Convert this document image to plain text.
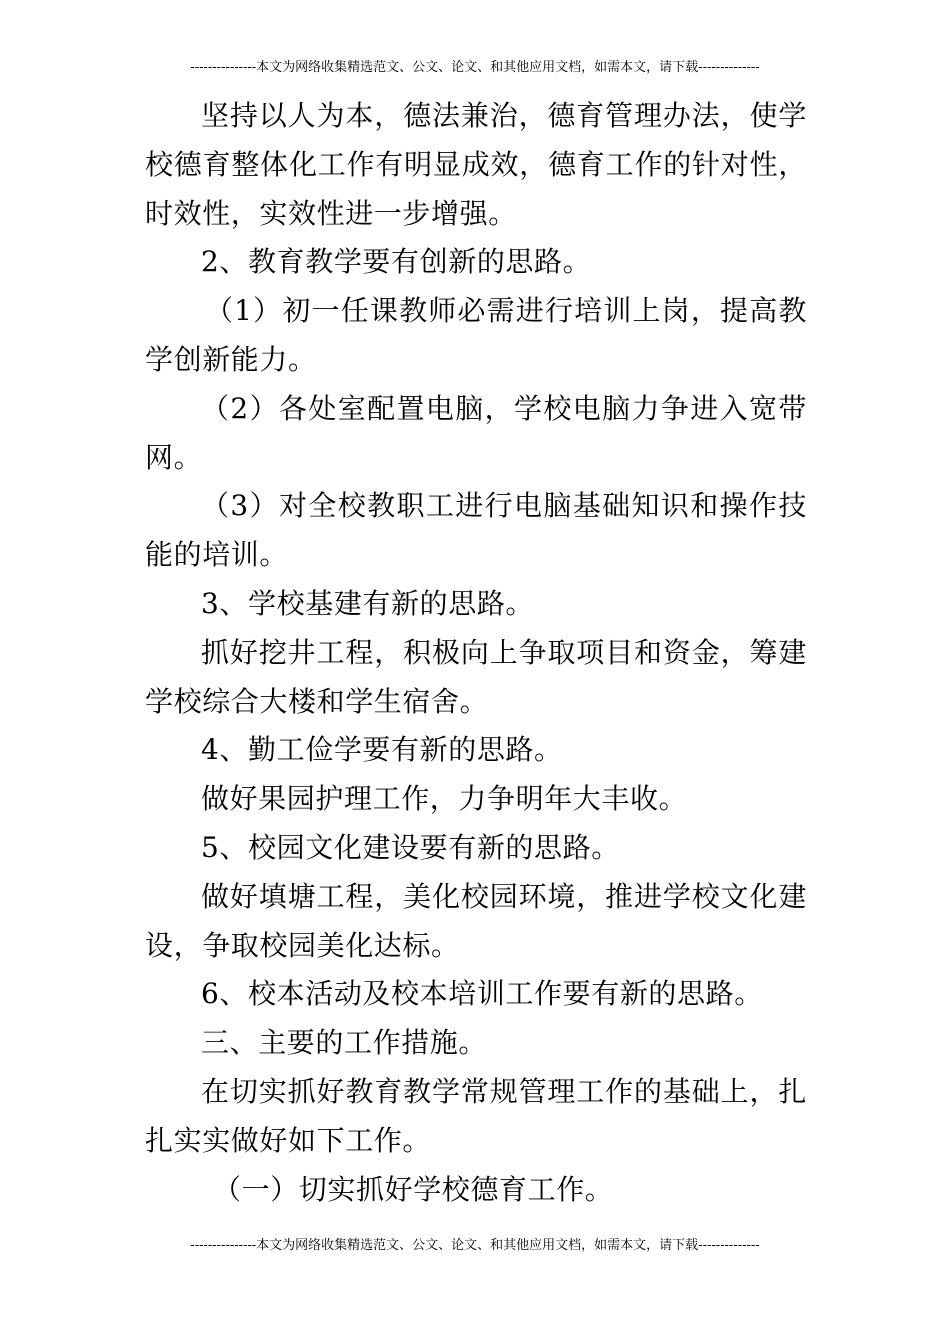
---------------本文为网络收集精选范文、公文、论文、和其他应用文档，如需本文，请下载--------------

坚持以人为本，德法兼治，德育管理办法，使学校德育整体化工作有明显成效，德育工作的针对性，时效性，实效性进一步增强。

2、教育教学要有创新的思路。

（1）初一任课教师必需进行培训上岗，提高教学创新能力。

（2）各处室配置电脑，学校电脑力争进入宽带网。

（3）对全校教职工进行电脑基础知识和操作技能的培训。

3、学校基建有新的思路。

抓好挖井工程，积极向上争取项目和资金，筹建学校综合大楼和学生宿舍。

4、勤工俭学要有新的思路。

做好果园护理工作，力争明年大丰收。

5、校园文化建设要有新的思路。

做好填塘工程，美化校园环境，推进学校文化建设，争取校园美化达标。

6、校本活动及校本培训工作要有新的思路。

三、主要的工作措施。

在切实抓好教育教学常规管理工作的基础上，扎扎实实做好如下工作。

（一）切实抓好学校德育工作。

---------------本文为网络收集精选范文、公文、论文、和其他应用文档，如需本文，请下载--------------
